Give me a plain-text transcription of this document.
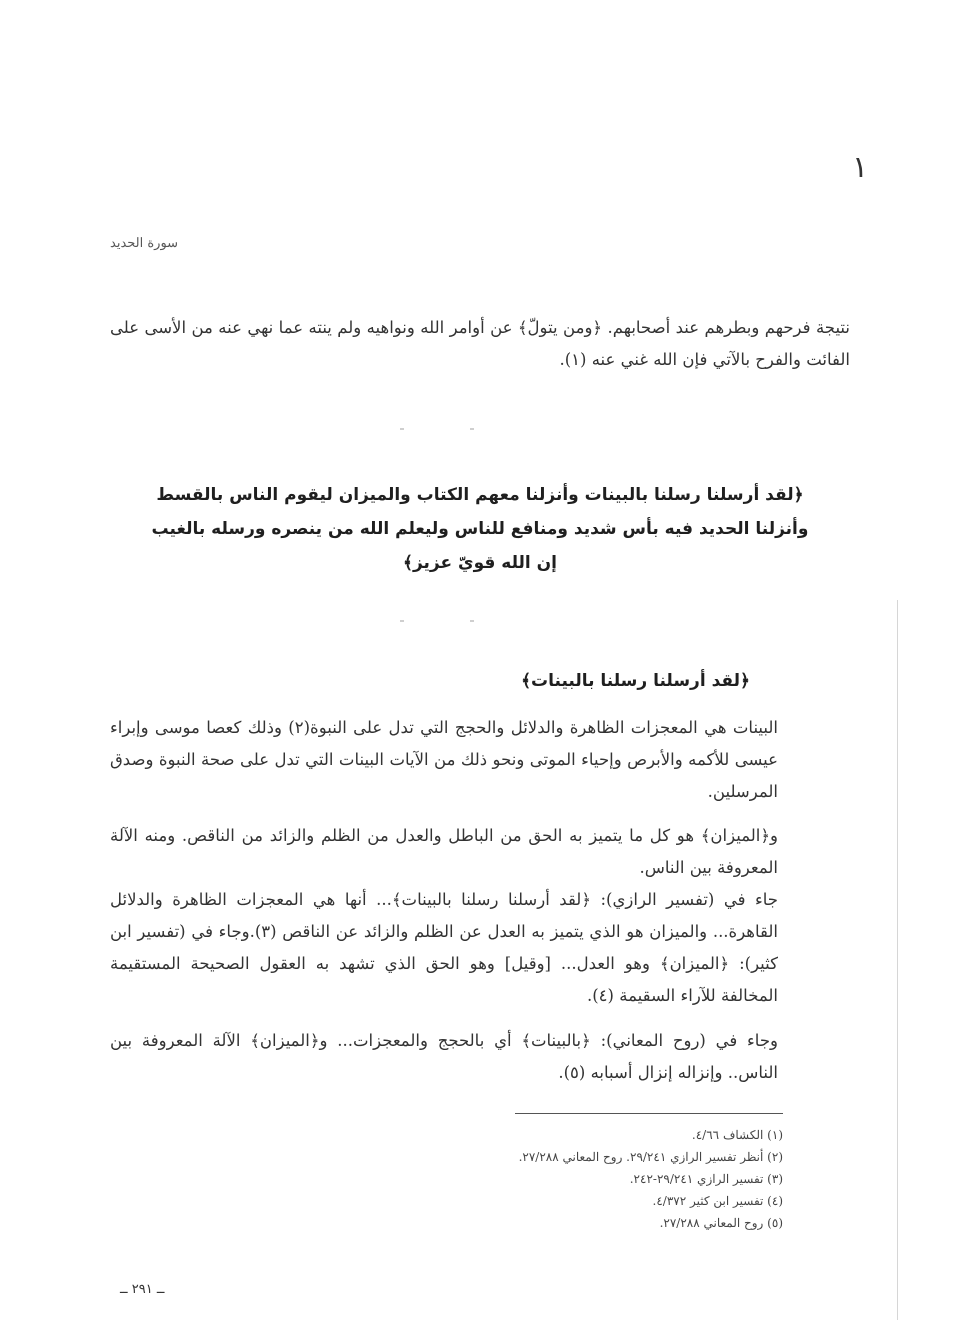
١
سورة الحديد
نتيجة فرحهم وبطرهم عند أصحابهم. ﴿ومن يتولّ﴾ عن أوامر الله ونواهيه ولم ينته عما نهي عنه من الأسى على الفائت والفرح بالآتي فإن الله غني عنه (١).
﴿لقد أرسلنا رسلنا بالبينات وأنزلنا معهم الكتاب والميزان ليقوم الناس بالقسط
وأنزلنا الحديد فيه بأس شديد ومنافع للناس وليعلم الله من ينصره ورسله بالغيب
إن الله قويّ عزيز﴾
﴿لقد أرسلنا رسلنا بالبينات﴾
البينات هي المعجزات الظاهرة والدلائل والحجج التي تدل على النبوة(٢) وذلك كعصا موسى وإبراء عيسى للأكمه والأبرص وإحياء الموتى ونحو ذلك من الآيات البينات التي تدل على صحة النبوة وصدق المرسلين.
و﴿الميزان﴾ هو كل ما يتميز به الحق من الباطل والعدل من الظلم والزائد من الناقص. ومنه الآلة المعروفة بين الناس.
جاء في (تفسير الرازي): ﴿لقد أرسلنا رسلنا بالبينات﴾... أنها هي المعجزات الظاهرة والدلائل القاهرة... والميزان هو الذي يتميز به العدل عن الظلم والزائد عن الناقص (٣).وجاء في (تفسير ابن كثير): ﴿الميزان﴾ وهو العدل... [وقيل] وهو الحق الذي تشهد به العقول الصحيحة المستقيمة المخالفة للآراء السقيمة (٤).
وجاء في (روح المعاني): ﴿بالبينات﴾ أي بالحجج والمعجزات... و﴿الميزان﴾ الآلة المعروفة بين الناس.. وإنزاله إنزال أسبابه (٥).
(١) الكشاف ٤/٦٦.
(٢) أنظر تفسير الرازي ٢٩/٢٤١. روح المعاني ٢٧/٢٨٨.
(٣) تفسير الرازي ٢٩/٢٤١-٢٤٢.
(٤) تفسير ابن كثير ٤/٣٧٢.
(٥) روح المعاني ٢٧/٢٨٨.
ــ ٢٩١ ــ
